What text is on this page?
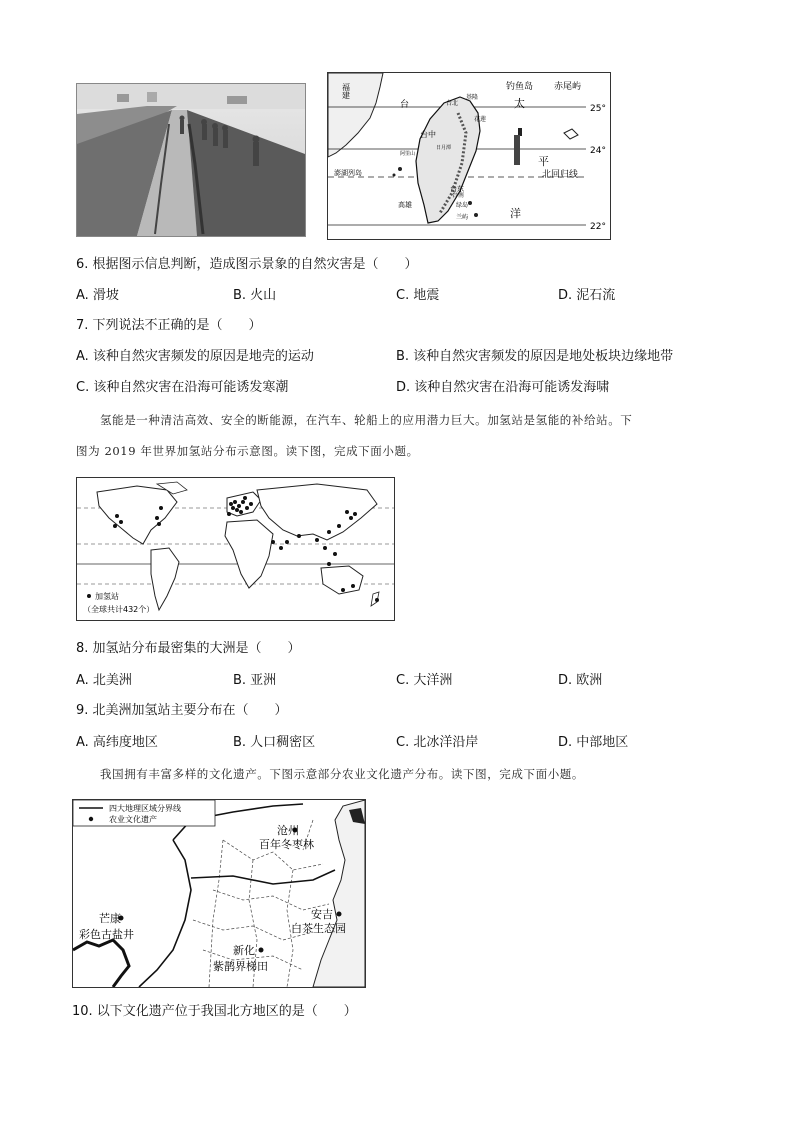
福建	钓鱼岛 赤尾屿
太	25°
24°
22°
台	台北
基隆
花莲
台中
日月潭
阿里山
澎湖列岛
台南
高雄
台东
绿岛
兰屿
平
洋
北回归线
6. 根据图示信息判断，造成图示景象的自然灾害是（　　）
A. 滑坡	B. 火山	C. 地震	D. 泥石流
7. 下列说法不正确的是（　　）
A. 该种自然灾害频发的原因是地壳的运动	B. 该种自然灾害频发的原因是地处板块边缘地带
C. 该种自然灾害在沿海可能诱发寒潮	D. 该种自然灾害在沿海可能诱发海啸
氢能是一种清洁高效、安全的断能源，在汽车、轮船上的应用潜力巨大。加氢站是氢能的补给站。下
图为 2019 年世界加氢站分布示意图。读下图，完成下面小题。
加氢站
（全球共计432个）
8. 加氢站分布最密集的大洲是（　　）
A. 北美洲	B. 亚洲	C. 大洋洲	D. 欧洲
9. 北美洲加氢站主要分布在（　　）
A. 高纬度地区	B. 人口稠密区	C. 北冰洋沿岸	D. 中部地区
我国拥有丰富多样的文化遗产。下图示意部分农业文化遗产分布。读下图，完成下面小题。
四大地理区域分界线
农业文化遗产
沧州
百年冬枣林
芒康
彩色古盐井
安吉
白茶生态园
新化
紫鹊界梯田
10. 以下文化遗产位于我国北方地区的是（　　）
